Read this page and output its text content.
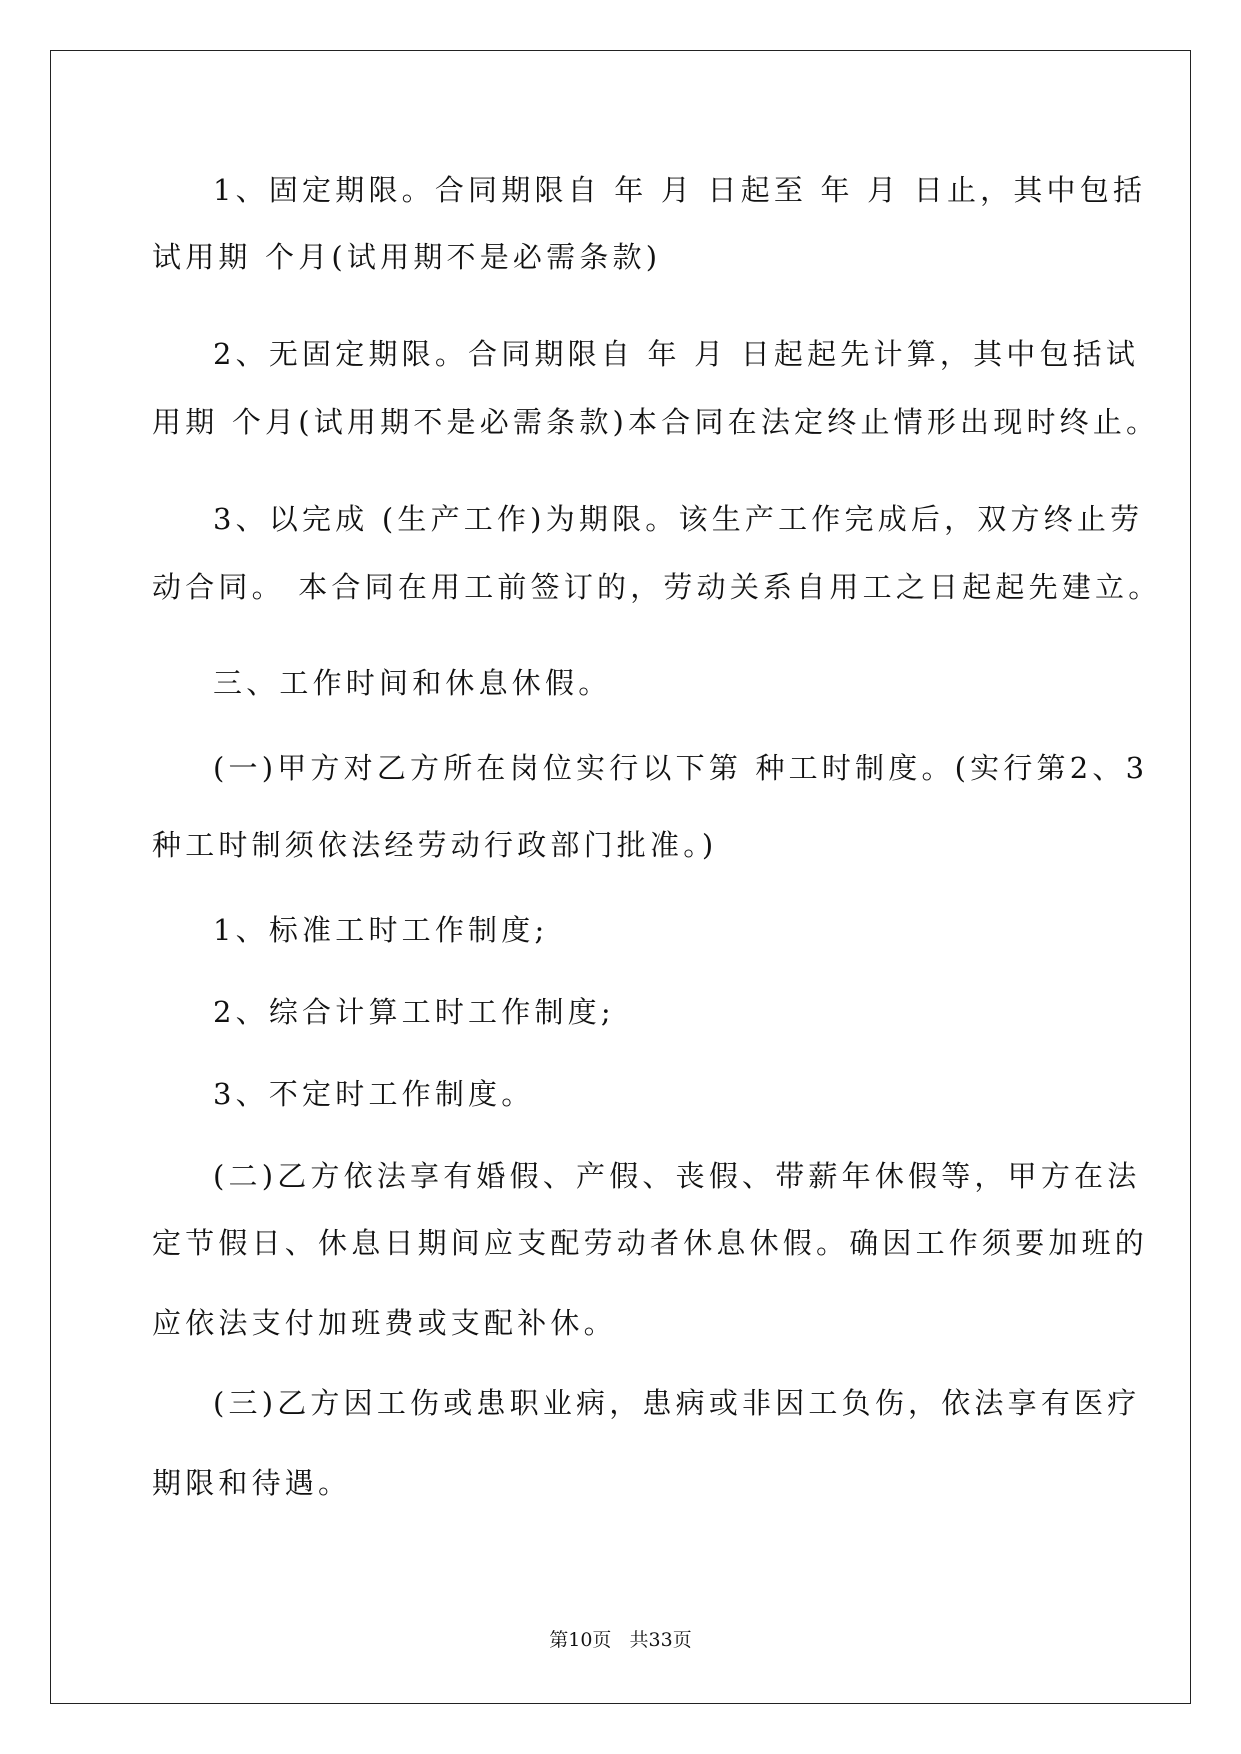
1、固定期限。合同期限自 年 月 日起至 年 月 日止，其中包括
试用期 个月(试用期不是必需条款)
2、无固定期限。合同期限自 年 月 日起起先计算，其中包括试
用期 个月(试用期不是必需条款)本合同在法定终止情形出现时终止。
3、以完成 (生产工作)为期限。该生产工作完成后，双方终止劳
动合同。 本合同在用工前签订的，劳动关系自用工之日起起先建立。
三、工作时间和休息休假。
(一)甲方对乙方所在岗位实行以下第 种工时制度。(实行第2、3
种工时制须依法经劳动行政部门批准。)
1、标准工时工作制度;
2、综合计算工时工作制度;
3、不定时工作制度。
(二)乙方依法享有婚假、产假、丧假、带薪年休假等，甲方在法
定节假日、休息日期间应支配劳动者休息休假。确因工作须要加班的
应依法支付加班费或支配补休。
(三)乙方因工伤或患职业病，患病或非因工负伤，依法享有医疗
期限和待遇。
第10页   共33页
